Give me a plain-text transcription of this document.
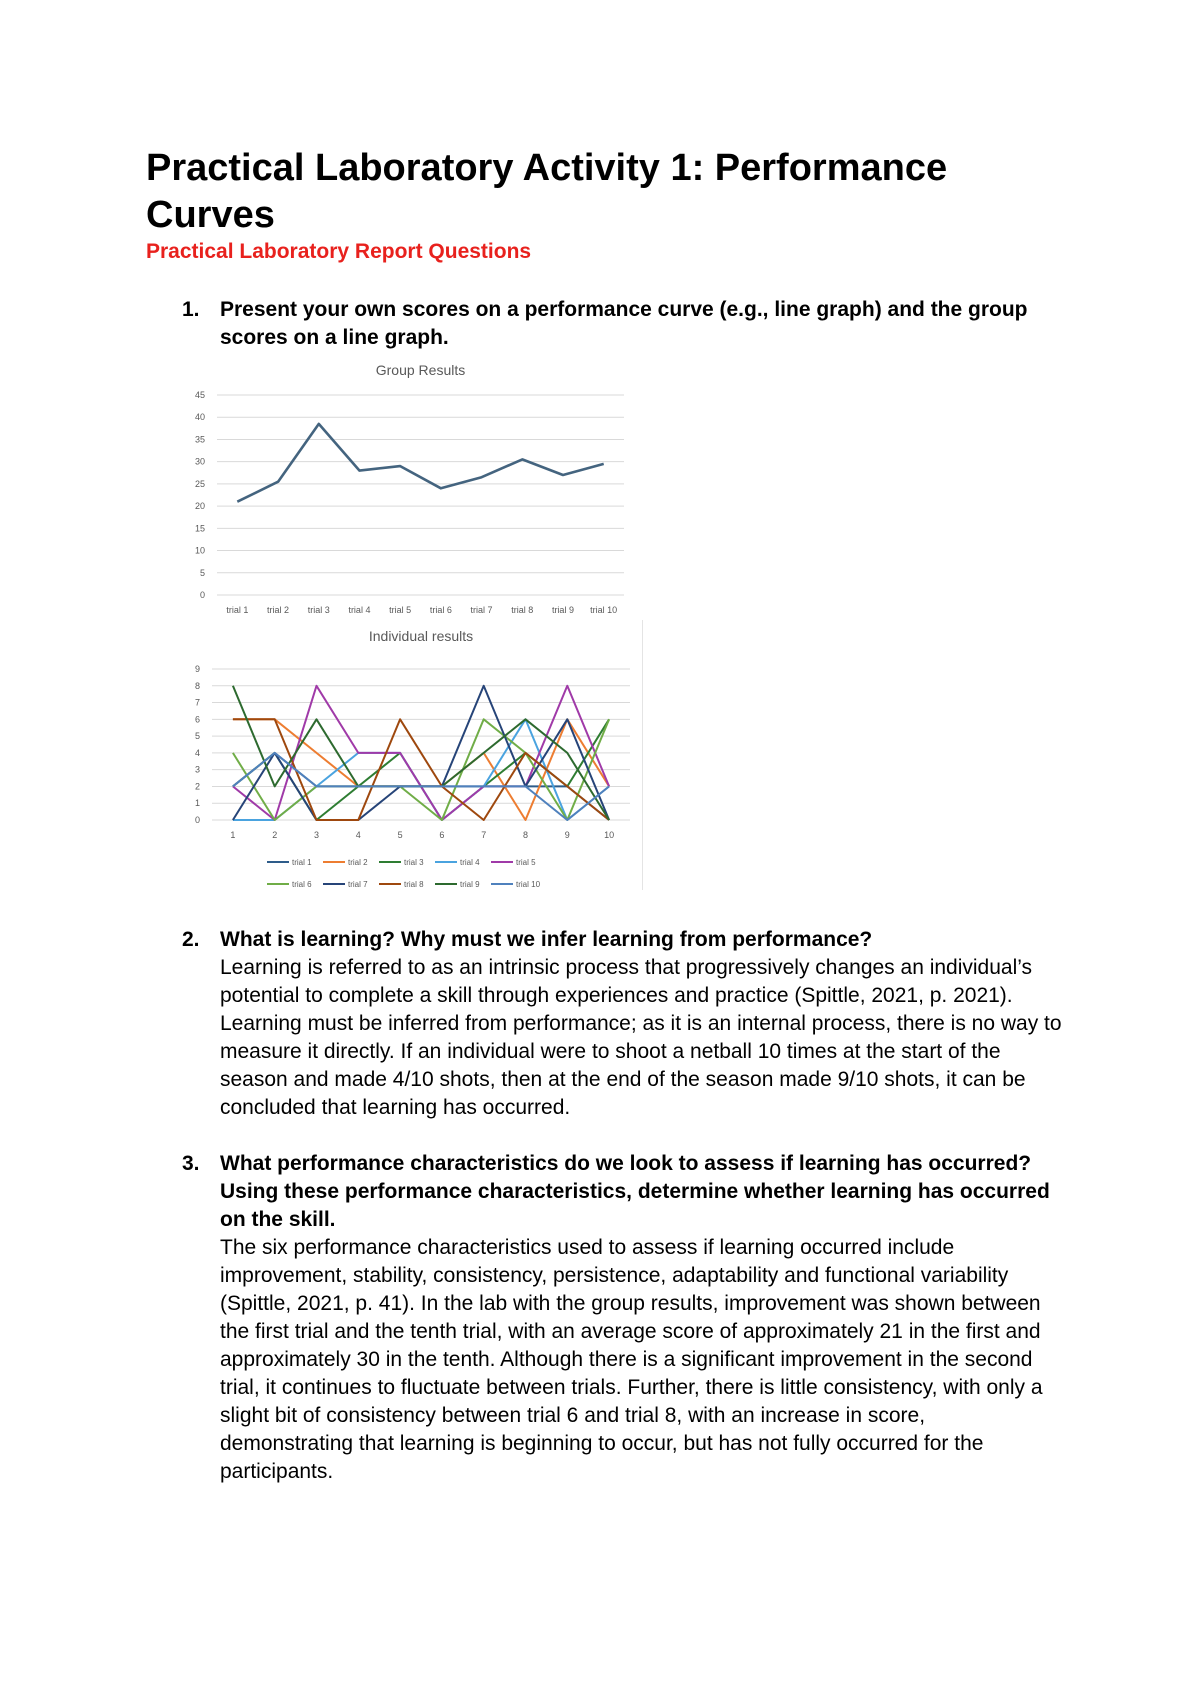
Practical Laboratory Activity 1: Performance Curves
Practical Laboratory Report Questions
1. Present your own scores on a performance curve (e.g., line graph) and the group scores on a line graph.
Group Results
0
5
10
15
20
25
30
35
40
45
trial 1 trial 2 trial 3 trial 4 trial 5 trial 6 trial 7 trial 8 trial 9 trial 10
Individual results
0
1
2
3
4
5
6
7
8
9
1	2	3	4	5	6	7	8	9	10
trial 1	trial 2	trial 3	trial 4	trial 5
trial 6	trial 7	trial 8	trial 9	trial 10
2. What is learning? Why must we infer learning from performance?
Learning is referred to as an intrinsic process that progressively changes an individual’s potential to complete a skill through experiences and practice (Spittle, 2021, p. 2021). Learning must be inferred from performance; as it is an internal process, there is no way to measure it directly. If an individual were to shoot a netball 10 times at the start of the season and made 4/10 shots, then at the end of the season made 9/10 shots, it can be concluded that learning has occurred.
3. What performance characteristics do we look to assess if learning has occurred? Using these performance characteristics, determine whether learning has occurred on the skill.
The six performance characteristics used to assess if learning occurred include improvement, stability, consistency, persistence, adaptability and functional variability (Spittle, 2021, p. 41). In the lab with the group results, improvement was shown between the first trial and the tenth trial, with an average score of approximately 21 in the first and approximately 30 in the tenth. Although there is a significant improvement in the second trial, it continues to fluctuate between trials. Further, there is little consistency, with only a slight bit of consistency between trial 6 and trial 8, with an increase in score, demonstrating that learning is beginning to occur, but has not fully occurred for the participants.
